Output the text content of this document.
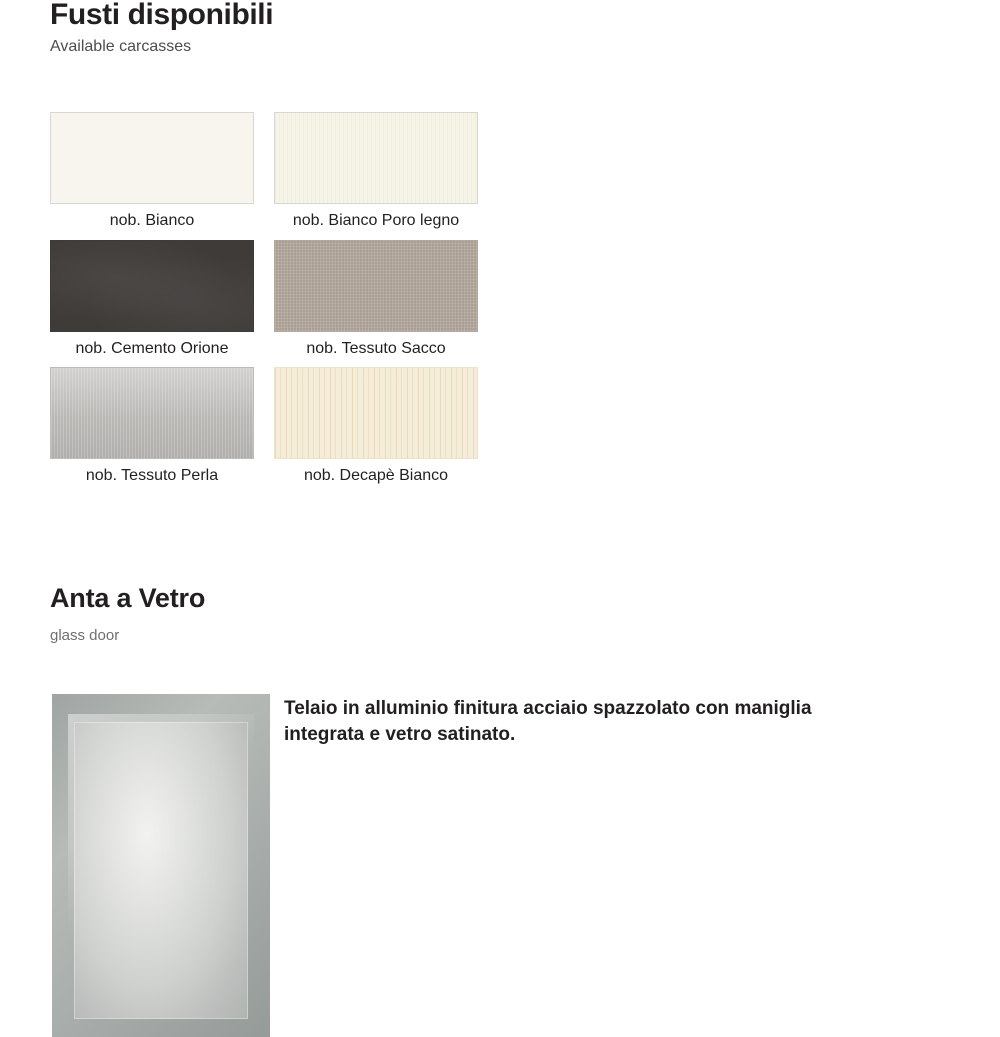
Fusti disponibili
Available carcasses
nob. Bianco	nob. Bianco Poro legno
nob. Cemento Orione	nob. Tessuto Sacco
nob. Tessuto Perla	nob. Decapè Bianco
Anta a Vetro
glass door
Telaio in alluminio finitura acciaio spazzolato con maniglia integrata e vetro satinato.
